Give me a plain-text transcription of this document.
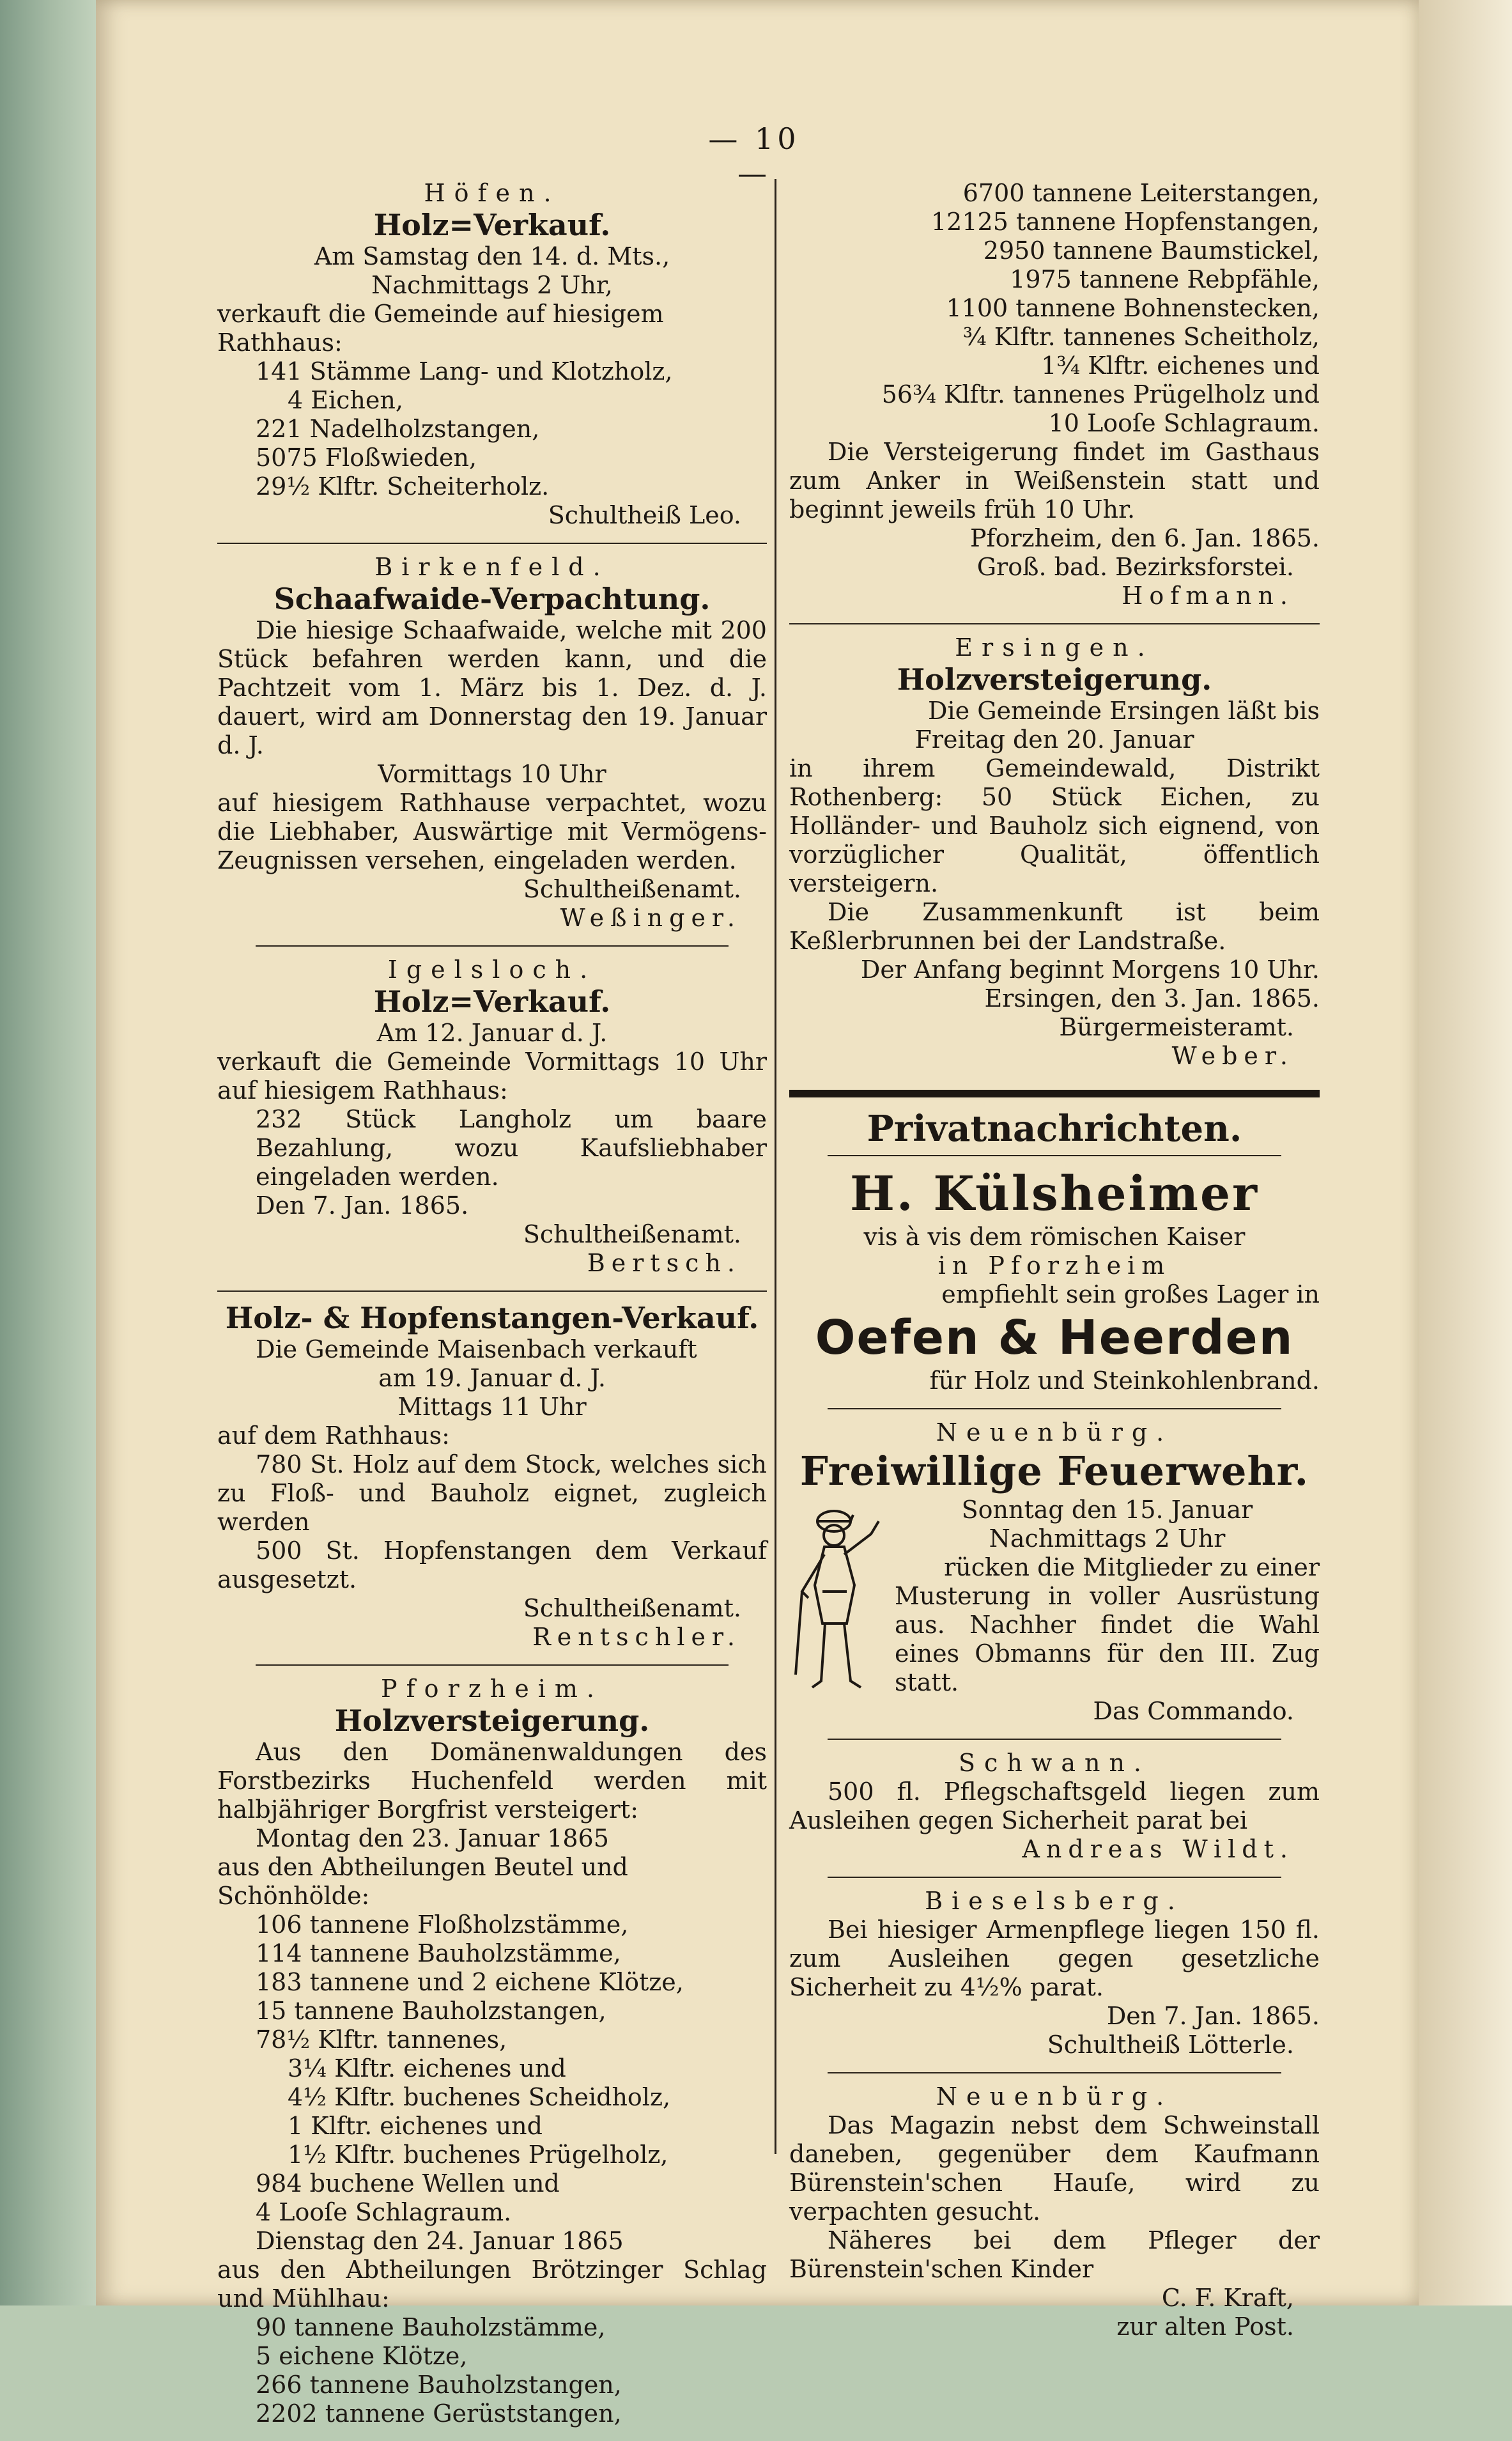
— 10 —
Höfen.
Holz=Verkauf.
Am Samstag den 14. d. Mts.,
Nachmittags 2 Uhr,
verkauft die Gemeinde auf hiesigem Rathhaus:
141 Stämme Lang- und Klotzholz,
4 Eichen,
221 Nadelholzstangen,
5075 Floßwieden,
29½ Klftr. Scheiterholz.
Schultheiß Leo.
Birkenfeld.
Schaafwaide-Verpachtung.
Die hiesige Schaafwaide, welche mit 200 Stück befahren werden kann, und die Pachtzeit vom 1. März bis 1. Dez. d. J. dauert, wird am Donnerstag den 19. Januar d. J.
Vormittags 10 Uhr
auf hiesigem Rathhause verpachtet, wozu die Liebhaber, Auswärtige mit Vermögens-Zeugnissen versehen, eingeladen werden.
Schultheißenamt.
Weßinger.
Igelsloch.
Holz=Verkauf.
Am 12. Januar d. J.
verkauft die Gemeinde Vormittags 10 Uhr auf hiesigem Rathhaus:
232 Stück Langholz um baare Bezahlung, wozu Kaufsliebhaber eingeladen werden.
Den 7. Jan. 1865.
Schultheißenamt.
Bertsch.
Holz- & Hopfenstangen-Verkauf.
Die Gemeinde Maisenbach verkauft
am 19. Januar d. J.
Mittags 11 Uhr
auf dem Rathhaus:
780 St. Holz auf dem Stock, welches sich zu Floß- und Bauholz eignet, zugleich werden
500 St. Hopfenstangen dem Verkauf ausgesetzt.
Schultheißenamt.
Rentschler.
Pforzheim.
Holzversteigerung.
Aus den Domänenwaldungen des Forstbezirks Huchenfeld werden mit halbjähriger Borgfrist versteigert:
Montag den 23. Januar 1865
aus den Abtheilungen Beutel und Schönhölde:
106 tannene Floßholzstämme,
114 tannene Bauholzstämme,
183 tannene und 2 eichene Klötze,
15 tannene Bauholzstangen,
78½ Klftr. tannenes,
3¼ Klftr. eichenes und
4½ Klftr. buchenes Scheidholz,
1 Klftr. eichenes und
1½ Klftr. buchenes Prügelholz,
984 buchene Wellen und
4 Looſe Schlagraum.
Dienstag den 24. Januar 1865
aus den Abtheilungen Brötzinger Schlag und Mühlhau:
90 tannene Bauholzstämme,
5 eichene Klötze,
266 tannene Bauholzstangen,
2202 tannene Gerüststangen,
6700 tannene Leiterstangen,
12125 tannene Hopfenstangen,
2950 tannene Baumstickel,
1975 tannene Rebpfähle,
1100 tannene Bohnenstecken,
¾ Klftr. tannenes Scheitholz,
1¾ Klftr. eichenes und
56¾ Klftr. tannenes Prügelholz und
10 Looſe Schlagraum.
Die Versteigerung findet im Gasthaus zum Anker in Weißenstein statt und beginnt jeweils früh 10 Uhr.
Pforzheim, den 6. Jan. 1865.
Groß. bad. Bezirksforstei.
Hofmann.
Ersingen.
Holzversteigerung.
Die Gemeinde Ersingen läßt bis
Freitag den 20. Januar
in ihrem Gemeindewald, Distrikt Rothenberg: 50 Stück Eichen, zu Holländer- und Bauholz sich eignend, von vorzüglicher Qualität, öffentlich versteigern.
Die Zusammenkunft ist beim Keßlerbrunnen bei der Landstraße.
Der Anfang beginnt Morgens 10 Uhr.
Ersingen, den 3. Jan. 1865.
Bürgermeisteramt.
Weber.
Privatnachrichten.
H. Külsheimer
vis à vis dem römischen Kaiser
in Pforzheim
empfiehlt sein großes Lager in
Oefen & Heerden
für Holz und Steinkohlenbrand.
Neuenbürg.
Freiwillige Feuerwehr.
Sonntag den 15. Januar
Nachmittags 2 Uhr
rücken die Mitglieder zu einer
Musterung in voller Ausrüstung aus. Nachher findet die Wahl eines Obmanns für den III. Zug statt.
Das Commando.
Schwann.
500 fl. Pflegschaftsgeld liegen zum Ausleihen gegen Sicherheit parat bei
Andreas Wildt.
Bieselsberg.
Bei hiesiger Armenpflege liegen 150 fl. zum Ausleihen gegen gesetzliche Sicherheit zu 4½% parat.
Den 7. Jan. 1865.
Schultheiß Lötterle.
Neuenbürg.
Das Magazin nebst dem Schweinstall daneben, gegenüber dem Kaufmann Bürenstein'schen Hauſe, wird zu verpachten gesucht.
Näheres bei dem Pfleger der Bürenstein'schen Kinder
C. F. Kraft,
zur alten Post.
